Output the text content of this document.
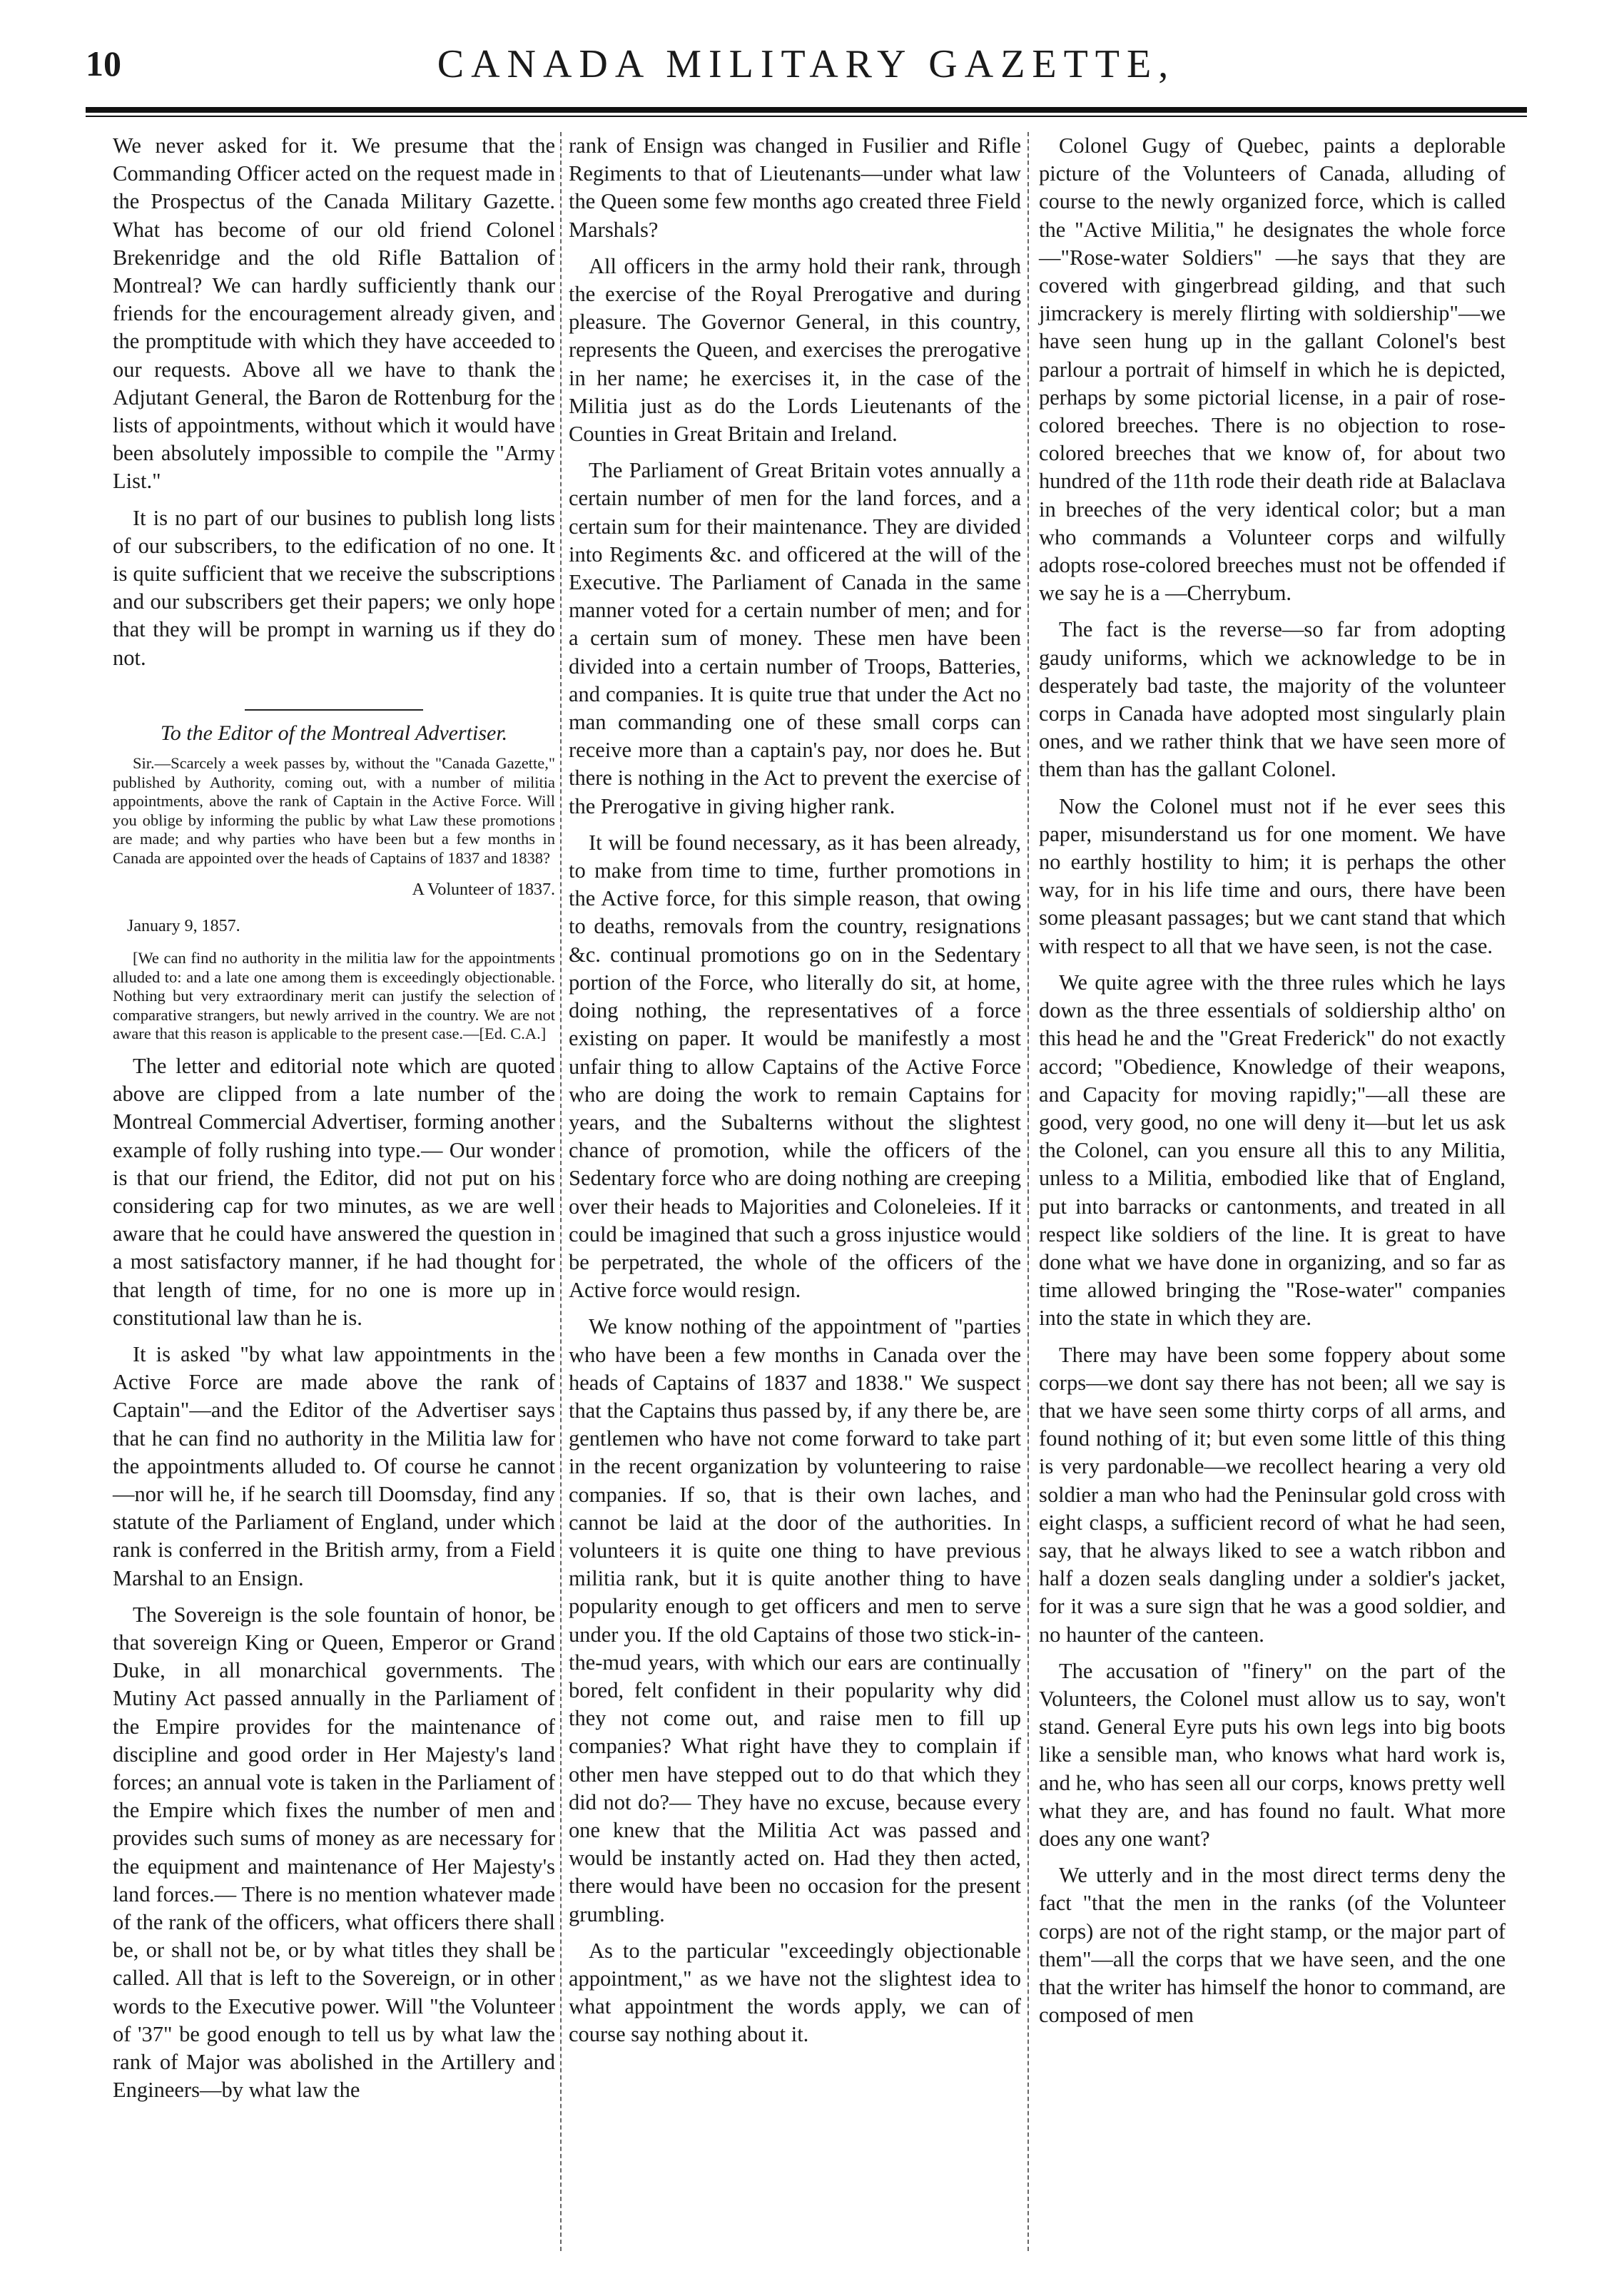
10	CANADA MILITARY GAZETTE,

We never asked for it. We presume that the Commanding Officer acted on the request made in the Prospectus of the Canada Military Gazette. What has become of our old friend Colonel Brekenridge and the old Rifle Battalion of Montreal? We can hardly sufficiently thank our friends for the encouragement already given, and the promptitude with which they have acceeded to our requests. Above all we have to thank the Adjutant General, the Baron de Rottenburg for the lists of appointments, without which it would have been absolutely impossible to compile the "Army List."

It is no part of our busines to publish long lists of our subscribers, to the edification of no one. It is quite sufficient that we receive the subscriptions and our subscribers get their papers; we only hope that they will be prompt in warning us if they do not.

To the Editor of the Montreal Advertiser.

Sir.—Scarcely a week passes by, without the "Canada Gazette," published by Authority, coming out, with a number of militia appointments, above the rank of Captain in the Active Force. Will you oblige by informing the public by what Law these promotions are made; and why parties who have been but a few months in Canada are appointed over the heads of Captains of 1837 and 1838?

A Volunteer of 1837.

January 9, 1857.

[We can find no authority in the militia law for the appointments alluded to: and a late one among them is exceedingly objectionable. Nothing but very extraordinary merit can justify the selection of comparative strangers, but newly arrived in the country. We are not aware that this reason is applicable to the present case.—[Ed. C.A.]

The letter and editorial note which are quoted above are clipped from a late number of the Montreal Commercial Advertiser, forming another example of folly rushing into type.— Our wonder is that our friend, the Editor, did not put on his considering cap for two minutes, as we are well aware that he could have answered the question in a most satisfactory manner, if he had thought for that length of time, for no one is more up in constitutional law than he is.

It is asked "by what law appointments in the Active Force are made above the rank of Captain"—and the Editor of the Advertiser says that he can find no authority in the Militia law for the appointments alluded to. Of course he cannot—nor will he, if he search till Doomsday, find any statute of the Parliament of England, under which rank is conferred in the British army, from a Field Marshal to an Ensign.

The Sovereign is the sole fountain of honor, be that sovereign King or Queen, Emperor or Grand Duke, in all monarchical governments. The Mutiny Act passed annually in the Parliament of the Empire provides for the maintenance of discipline and good order in Her Majesty's land forces; an annual vote is taken in the Parliament of the Empire which fixes the number of men and provides such sums of money as are necessary for the equipment and maintenance of Her Majesty's land forces.— There is no mention whatever made of the rank of the officers, what officers there shall be, or shall not be, or by what titles they shall be called. All that is left to the Sovereign, or in other words to the Executive power. Will "the Volunteer of '37" be good enough to tell us by what law the rank of Major was abolished in the Artillery and Engineers—by what law the

rank of Ensign was changed in Fusilier and Rifle Regiments to that of Lieutenants—under what law the Queen some few months ago created three Field Marshals?

All officers in the army hold their rank, through the exercise of the Royal Prerogative and during pleasure. The Governor General, in this country, represents the Queen, and exercises the prerogative in her name; he exercises it, in the case of the Militia just as do the Lords Lieutenants of the Counties in Great Britain and Ireland.

The Parliament of Great Britain votes annually a certain number of men for the land forces, and a certain sum for their maintenance. They are divided into Regiments &c. and officered at the will of the Executive. The Parliament of Canada in the same manner voted for a certain number of men; and for a certain sum of money. These men have been divided into a certain number of Troops, Batteries, and companies. It is quite true that under the Act no man commanding one of these small corps can receive more than a captain's pay, nor does he. But there is nothing in the Act to prevent the exercise of the Prerogative in giving higher rank.

It will be found necessary, as it has been already, to make from time to time, further promotions in the Active force, for this simple reason, that owing to deaths, removals from the country, resignations &c. continual promotions go on in the Sedentary portion of the Force, who literally do sit, at home, doing nothing, the representatives of a force existing on paper. It would be manifestly a most unfair thing to allow Captains of the Active Force who are doing the work to remain Captains for years, and the Subalterns without the slightest chance of promotion, while the officers of the Sedentary force who are doing nothing are creeping over their heads to Majorities and Coloneleies. If it could be imagined that such a gross injustice would be perpetrated, the whole of the officers of the Active force would resign.

We know nothing of the appointment of "parties who have been a few months in Canada over the heads of Captains of 1837 and 1838." We suspect that the Captains thus passed by, if any there be, are gentlemen who have not come forward to take part in the recent organization by volunteering to raise companies. If so, that is their own laches, and cannot be laid at the door of the authorities. In volunteers it is quite one thing to have previous militia rank, but it is quite another thing to have popularity enough to get officers and men to serve under you. If the old Captains of those two stick-in-the-mud years, with which our ears are continually bored, felt confident in their popularity why did they not come out, and raise men to fill up companies? What right have they to complain if other men have stepped out to do that which they did not do?— They have no excuse, because every one knew that the Militia Act was passed and would be instantly acted on. Had they then acted, there would have been no occasion for the present grumbling.

As to the particular "exceedingly objectionable appointment," as we have not the slightest idea to what appointment the words apply, we can of course say nothing about it.

Colonel Gugy of Quebec, paints a deplorable picture of the Volunteers of Canada, alluding of course to the newly organized force, which is called the "Active Militia," he designates the whole force—"Rose-water Soldiers" —he says that they are covered with gingerbread gilding, and that such jimcrackery is merely flirting with soldiership"—we have seen hung up in the gallant Colonel's best parlour a portrait of himself in which he is depicted, perhaps by some pictorial license, in a pair of rose-colored breeches. There is no objection to rose-colored breeches that we know of, for about two hundred of the 11th rode their death ride at Balaclava in breeches of the very identical color; but a man who commands a Volunteer corps and wilfully adopts rose-colored breeches must not be offended if we say he is a —Cherrybum.

The fact is the reverse—so far from adopting gaudy uniforms, which we acknowledge to be in desperately bad taste, the majority of the volunteer corps in Canada have adopted most singularly plain ones, and we rather think that we have seen more of them than has the gallant Colonel.

Now the Colonel must not if he ever sees this paper, misunderstand us for one moment. We have no earthly hostility to him; it is perhaps the other way, for in his life time and ours, there have been some pleasant passages; but we cant stand that which with respect to all that we have seen, is not the case.

We quite agree with the three rules which he lays down as the three essentials of soldiership altho' on this head he and the "Great Frederick" do not exactly accord; "Obedience, Knowledge of their weapons, and Capacity for moving rapidly;"—all these are good, very good, no one will deny it—but let us ask the Colonel, can you ensure all this to any Militia, unless to a Militia, embodied like that of England, put into barracks or cantonments, and treated in all respect like soldiers of the line. It is great to have done what we have done in organizing, and so far as time allowed bringing the "Rose-water" companies into the state in which they are.

There may have been some foppery about some corps—we dont say there has not been; all we say is that we have seen some thirty corps of all arms, and found nothing of it; but even some little of this thing is very pardonable—we recollect hearing a very old soldier a man who had the Peninsular gold cross with eight clasps, a sufficient record of what he had seen, say, that he always liked to see a watch ribbon and half a dozen seals dangling under a soldier's jacket, for it was a sure sign that he was a good soldier, and no haunter of the canteen.

The accusation of "finery" on the part of the Volunteers, the Colonel must allow us to say, won't stand. General Eyre puts his own legs into big boots like a sensible man, who knows what hard work is, and he, who has seen all our corps, knows pretty well what they are, and has found no fault. What more does any one want?

We utterly and in the most direct terms deny the fact "that the men in the ranks (of the Volunteer corps) are not of the right stamp, or the major part of them"—all the corps that we have seen, and the one that the writer has himself the honor to command, are composed of men
